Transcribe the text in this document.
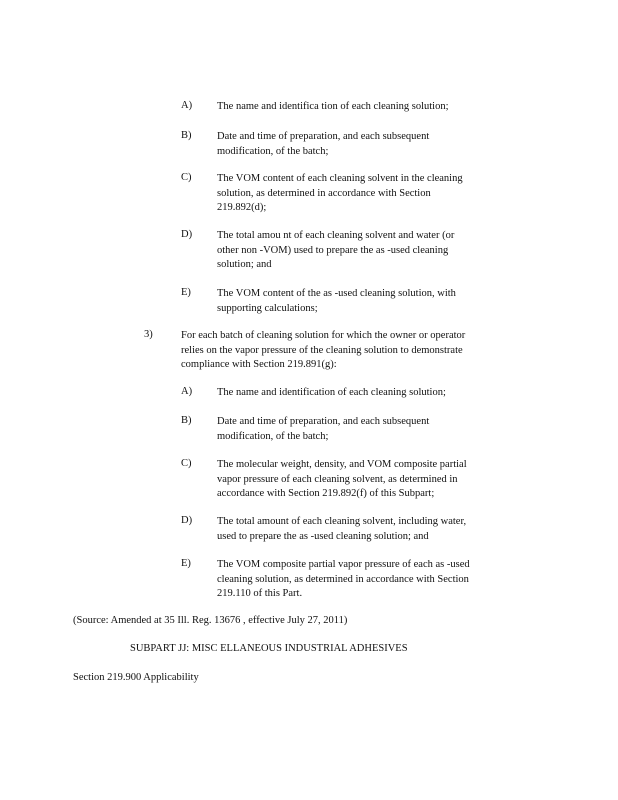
A) The name and identifica tion of each cleaning solution;
B) Date and time of preparation, and each subsequent
modification, of the batch;
C) The VOM content of each cleaning solvent in the cleaning
solution, as determined in accordance with Section
219.892(d);
D) The total amou nt of each cleaning solvent and water (or
other non -VOM) used to prepare the as -used cleaning
solution; and
E) The VOM content of the as -used cleaning solution, with
supporting calculations;
3)	For each batch of cleaning solution for which the owner or operator
relies on the vapor pressure of the cleaning solution to demonstrate
compliance with Section 219.891(g):
A) The name and identification of each cleaning solution;
B) Date and time of preparation, and each subsequent
modification, of the batch;
C) The molecular weight, density, and VOM composite partial
vapor pressure of each cleaning solvent, as determined in
accordance with Section 219.892(f) of this Subpart;
D) The total amount of each cleaning solvent, including water,
used to prepare the as -used cleaning solution; and
E) The VOM composite partial vapor pressure of each as -used
cleaning solution, as determined in accordance with Section
219.110 of this Part.
(Source: Amended at 35 Ill. Reg. 13676 , effective July 27, 2011)
SUBPART JJ: MISC ELLANEOUS INDUSTRIAL ADHESIVES
Section 219.900 Applicability
